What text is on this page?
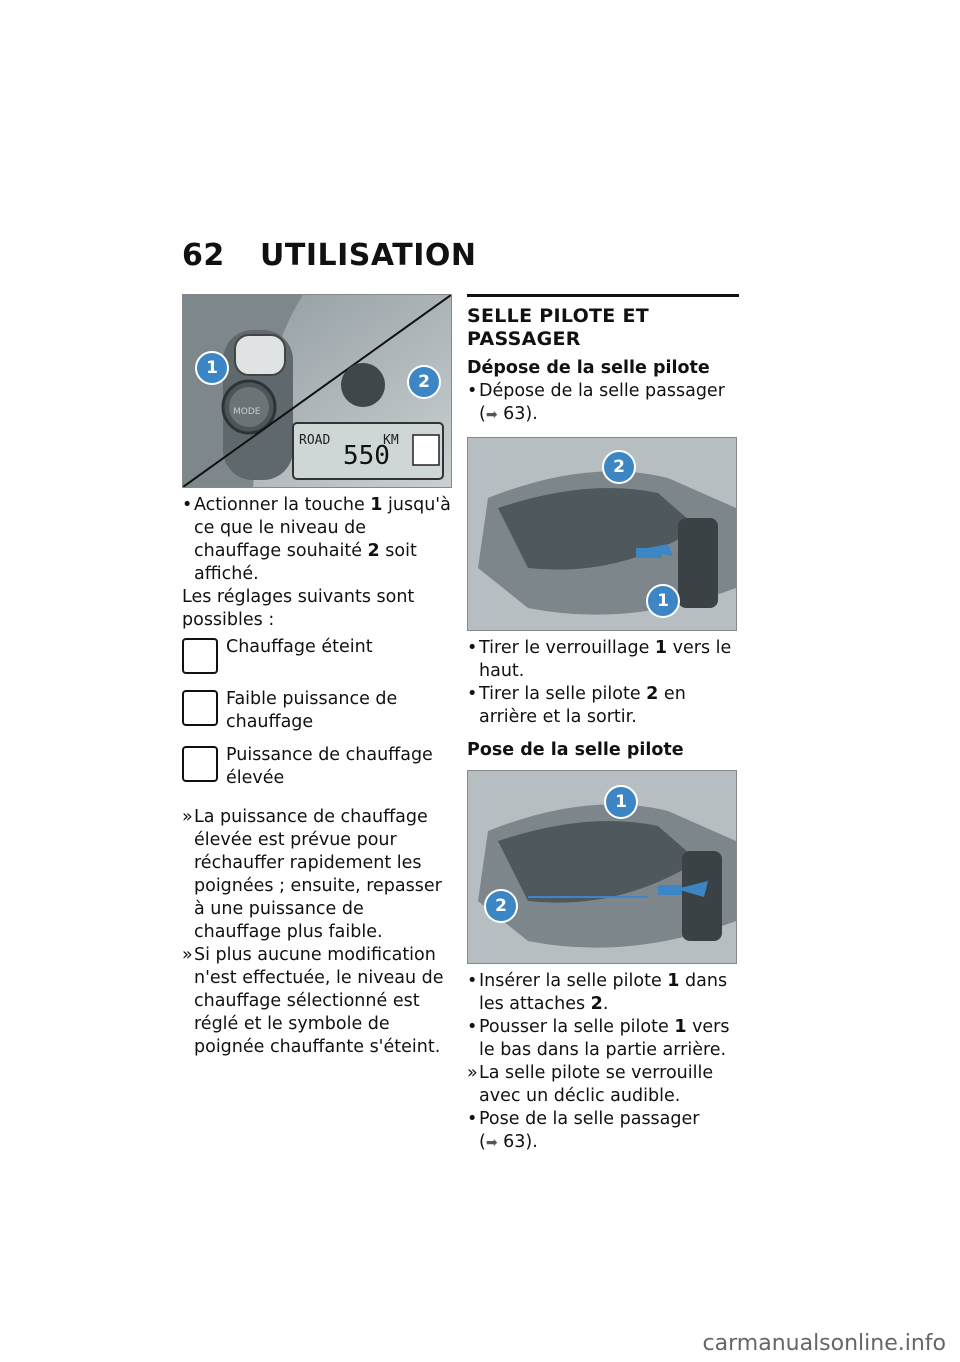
62 UTILISATION
1
2
ROAD	KM
550
MODE
• Actionner la touche 1 jusqu'à ce que le niveau de chauffage souhaité 2 soit affiché.

Les réglages suivants sont possibles :

Chauffage éteint
Faible puissance de chauffage
Puissance de chauffage élevée
» La puissance de chauffage élevée est prévue pour réchauffer rapidement les poignées ; ensuite, repasser à une puissance de chauffage plus faible.
» Si plus aucune modification n'est effectuée, le niveau de chauffage sélectionné est réglé et le symbole de poignée chauffante s'éteint.
SELLE PILOTE ET PASSAGER
Dépose de la selle pilote
• Dépose de la selle passager
(➡ 63).
2
1
• Tirer le verrouillage 1 vers le haut.
• Tirer la selle pilote 2 en arrière et la sortir.
Pose de la selle pilote
1
2
• Insérer la selle pilote 1 dans les attaches 2.
• Pousser la selle pilote 1 vers le bas dans la partie arrière.
» La selle pilote se verrouille avec un déclic audible.
• Pose de la selle passager
(➡ 63).
carmanualsonline.info
